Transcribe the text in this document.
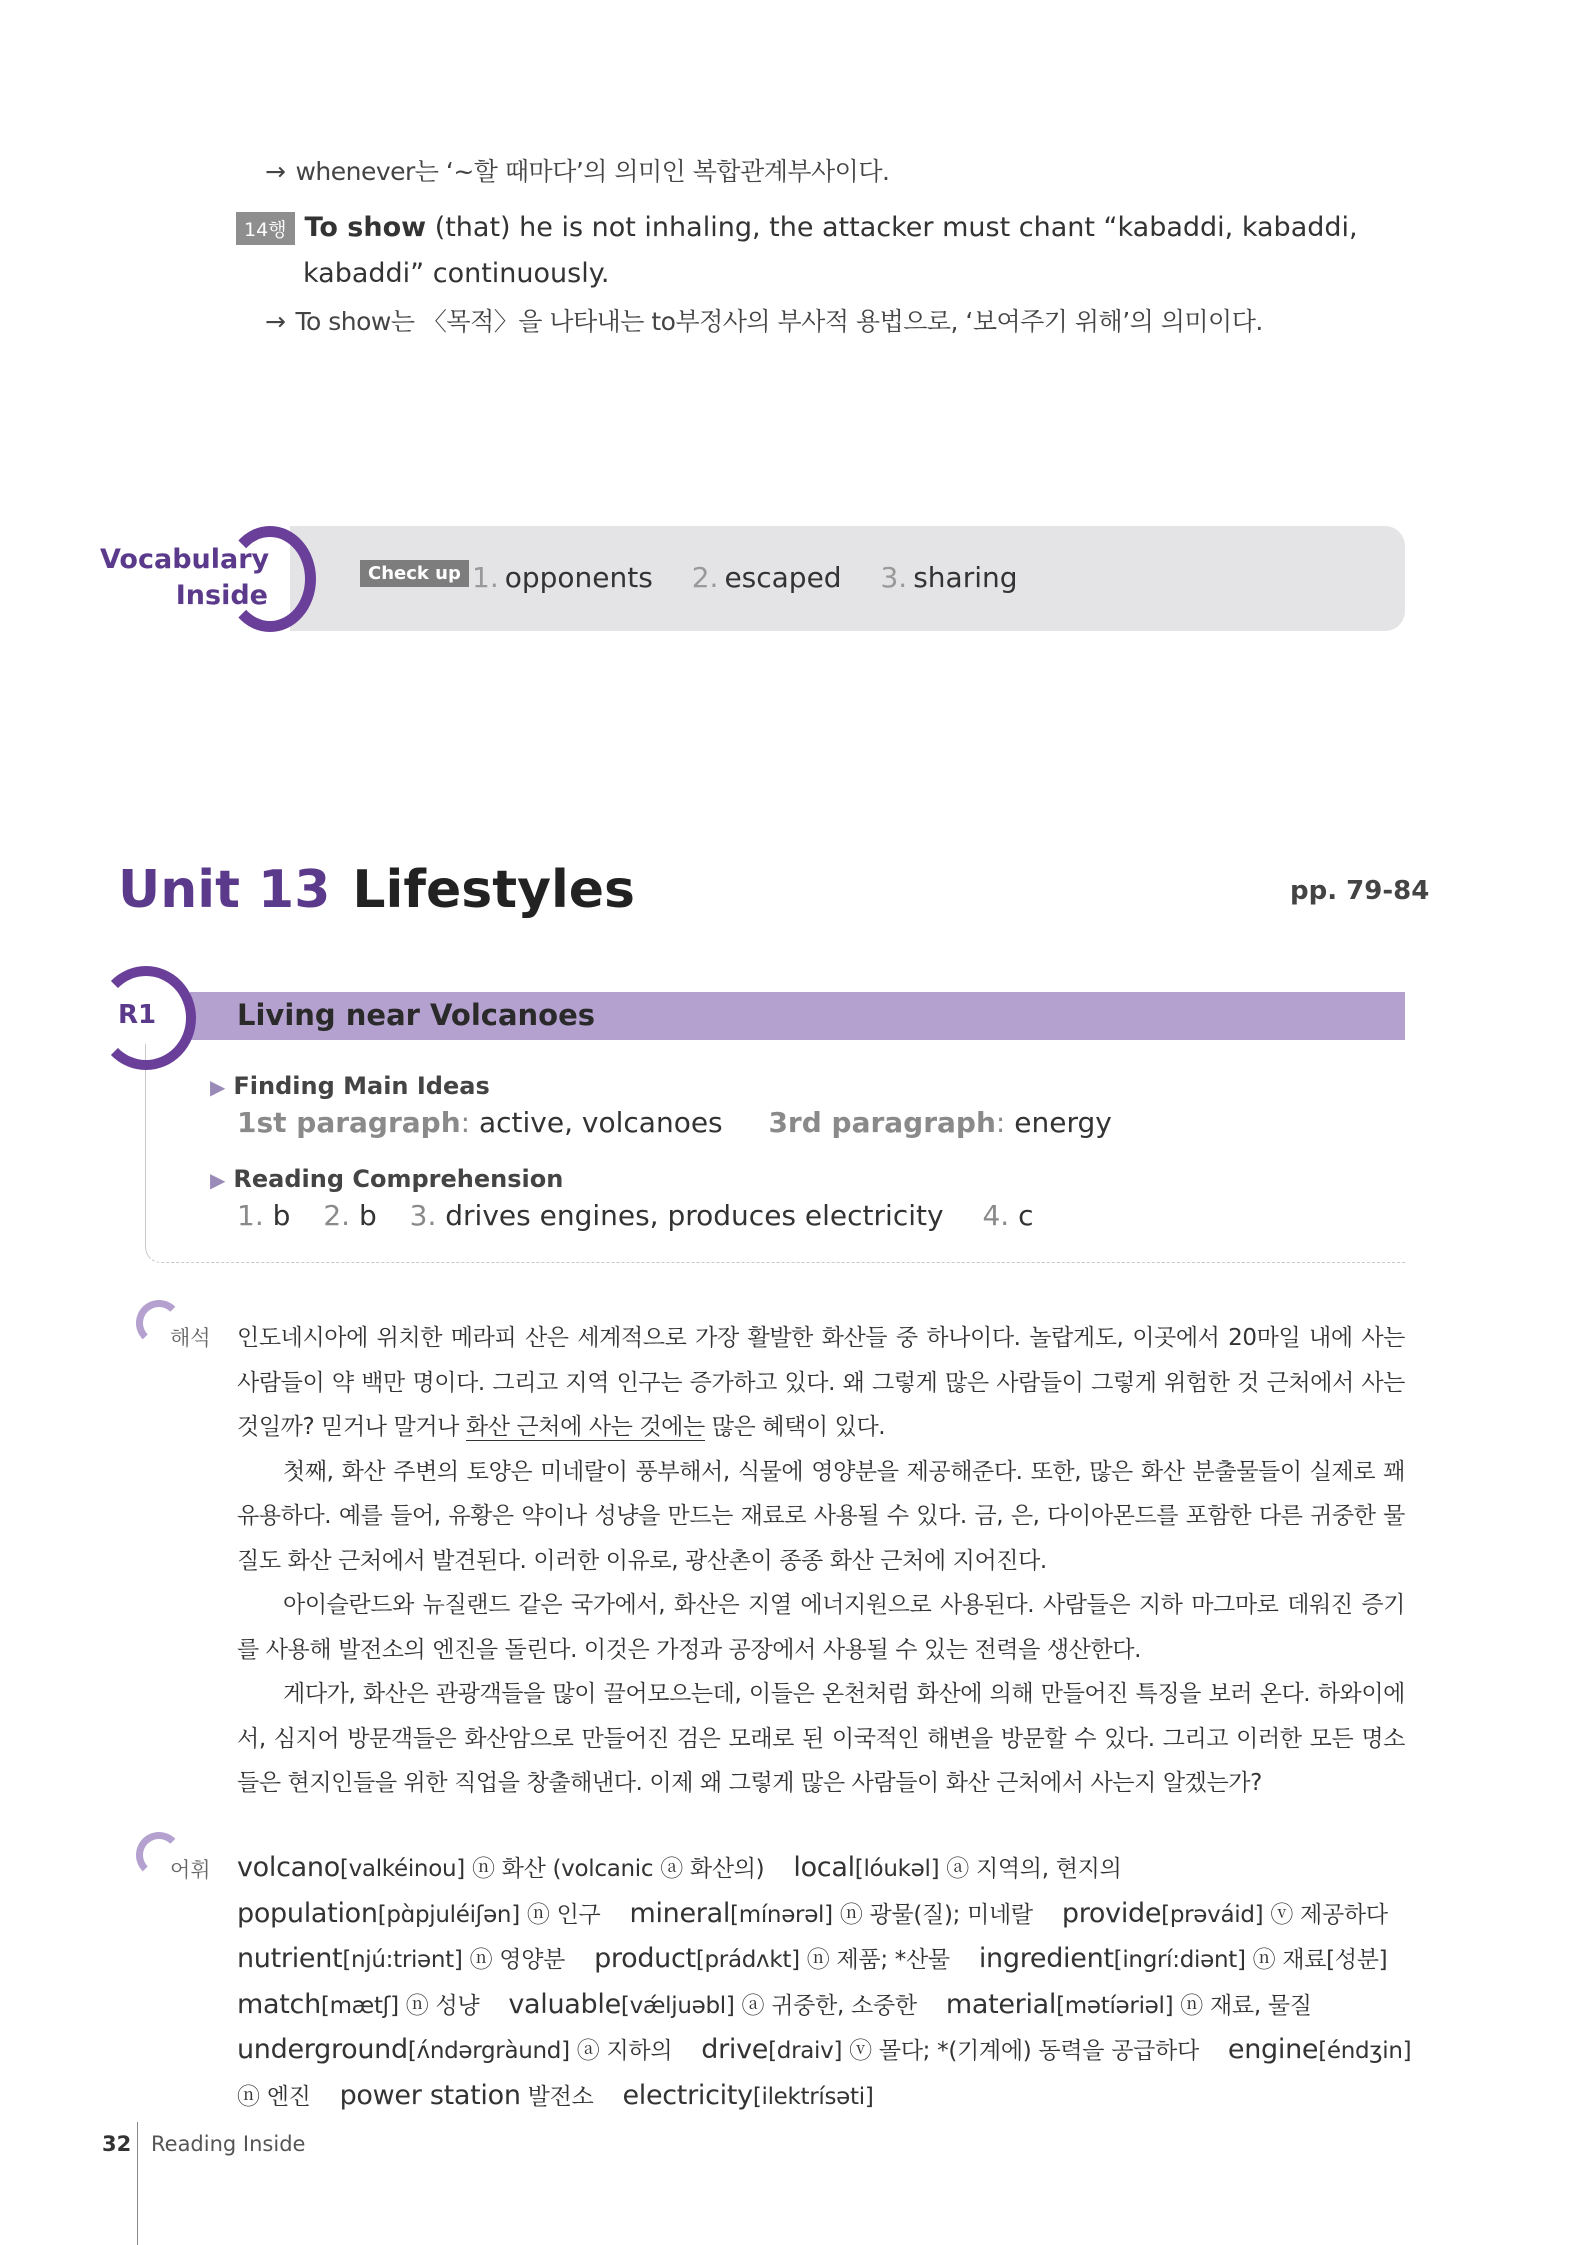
→ whenever는 ‘~할 때마다’의 의미인 복합관계부사이다.
14행 To show (that) he is not inhaling, the attacker must chant “kabaddi, kabaddi,
kabaddi” continuously.
→ To show는 〈목적〉을 나타내는 to부정사의 부사적 용법으로, ‘보여주기 위해’의 의미이다.
Vocabulary
Inside
Check up 1. opponents 2. escaped 3. sharing
Unit 13 Lifestyles	pp. 79-84
R1	Living near Volcanoes
▶ Finding Main Ideas
1st paragraph: active, volcanoes 3rd paragraph: energy
▶ Reading Comprehension
1. b 2. b 3. drives engines, produces electricity 4. c
해석 인도네시아에 위치한 메라피 산은 세계적으로 가장 활발한 화산들 중 하나이다. 놀랍게도, 이곳에서 20마일 내에 사는 사람들이 약 백만 명이다. 그리고 지역 인구는 증가하고 있다. 왜 그렇게 많은 사람들이 그렇게 위험한 것 근처에서 사는 것일까? 믿거나 말거나 화산 근처에 사는 것에는 많은 혜택이 있다.
첫째, 화산 주변의 토양은 미네랄이 풍부해서, 식물에 영양분을 제공해준다. 또한, 많은 화산 분출물들이 실제로 꽤 유용하다. 예를 들어, 유황은 약이나 성냥을 만드는 재료로 사용될 수 있다. 금, 은, 다이아몬드를 포함한 다른 귀중한 물질도 화산 근처에서 발견된다. 이러한 이유로, 광산촌이 종종 화산 근처에 지어진다.
아이슬란드와 뉴질랜드 같은 국가에서, 화산은 지열 에너지원으로 사용된다. 사람들은 지하 마그마로 데워진 증기를 사용해 발전소의 엔진을 돌린다. 이것은 가정과 공장에서 사용될 수 있는 전력을 생산한다.
게다가, 화산은 관광객들을 많이 끌어모으는데, 이들은 온천처럼 화산에 의해 만들어진 특징을 보러 온다. 하와이에서, 심지어 방문객들은 화산암으로 만들어진 검은 모래로 된 이국적인 해변을 방문할 수 있다. 그리고 이러한 모든 명소들은 현지인들을 위한 직업을 창출해낸다. 이제 왜 그렇게 많은 사람들이 화산 근처에서 사는지 알겠는가?
어휘 volcano[valkéinou] ⓝ 화산 (volcanic ⓐ 화산의) local[lóukəl] ⓐ 지역의, 현지의 population[pɑ̀pjuléiʃən] ⓝ 인구 mineral[mínərəl] ⓝ 광물(질); 미네랄 provide[prəváid] ⓥ 제공하다 nutrient[njú:triənt] ⓝ 영양분 product[prádʌkt] ⓝ 제품; *산물 ingredient[ingrí:diənt] ⓝ 재료[성분] match[mætʃ] ⓝ 성냥 valuable[vǽljuəbl] ⓐ 귀중한, 소중한 material[mətíəriəl] ⓝ 재료, 물질 underground[ʌ́ndərgràund] ⓐ 지하의 drive[draiv] ⓥ 몰다; *(기계에) 동력을 공급하다 engine[éndʒin] ⓝ 엔진 power station 발전소 electricity[ilektrísəti]
32 Reading Inside
